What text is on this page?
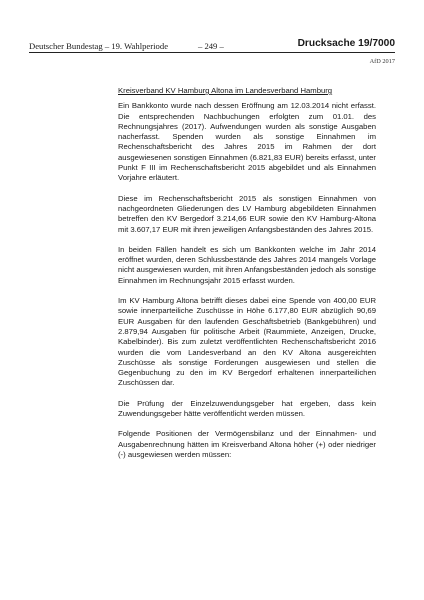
Deutscher Bundestag – 19. Wahlperiode	– 249 –	Drucksache 19/7000
AfD 2017
Kreisverband KV Hamburg Altona im Landesverband Hamburg

Ein Bankkonto wurde nach dessen Eröffnung am 12.03.2014 nicht erfasst. Die entsprechenden Nachbuchungen erfolgten zum 01.01. des Rechnungsjahres (2017). Aufwendungen wurden als sonstige Ausgaben nacherfasst. Spenden wurden als sonstige Einnahmen im Rechenschaftsbericht des Jahres 2015 im Rahmen der dort ausgewiesenen sonstigen Einnahmen (6.821,83 EUR) bereits erfasst, unter Punkt F III im Rechenschaftsbericht 2015 abgebildet und als Einnahmen Vorjahre erläutert.

Diese im Rechenschaftsbericht 2015 als sonstigen Einnahmen von nachgeordneten Gliederungen des LV Hamburg abgebildeten Einnahmen betreffen den KV Bergedorf 3.214,66 EUR sowie den KV Hamburg-Altona mit 3.607,17 EUR mit ihren jeweiligen Anfangsbeständen des Jahres 2015.

In beiden Fällen handelt es sich um Bankkonten welche im Jahr 2014 eröffnet wurden, deren Schlussbestände des Jahres 2014 mangels Vorlage nicht ausgewiesen wurden, mit ihren Anfangsbeständen jedoch als sonstige Einnahmen im Rechnungsjahr 2015 erfasst wurden.

Im KV Hamburg Altona betrifft dieses dabei eine Spende von 400,00 EUR sowie innerparteiliche Zuschüsse in Höhe 6.177,80 EUR abzüglich 90,69 EUR Ausgaben für den laufenden Geschäftsbetrieb (Bankgebühren) und 2.879,94 Ausgaben für politische Arbeit (Raummiete, Anzeigen, Drucke, Kabelbinder). Bis zum zuletzt veröffentlichten Rechenschaftsbericht 2016 wurden die vom Landesverband an den KV Altona ausgereichten Zuschüsse als sonstige Forderungen ausgewiesen und stellen die Gegenbuchung zu den im KV Bergedorf erhaltenen innerparteilichen Zuschüssen dar.

Die Prüfung der Einzelzuwendungsgeber hat ergeben, dass kein Zuwendungsgeber hätte veröffentlicht werden müssen.

Folgende Positionen der Vermögensbilanz und der Einnahmen- und Ausgabenrechnung hätten im Kreisverband Altona höher (+) oder niedriger (-) ausgewiesen werden müssen:
